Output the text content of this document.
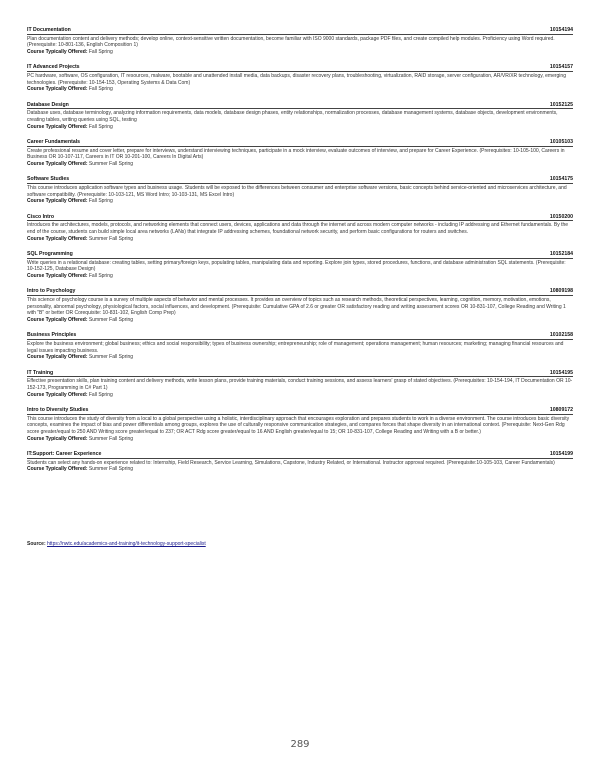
IT Documentation	10154194

Plan documentation content and delivery methods; develop online, context-sensitive written documentation, become familiar with ISO 9000 standards, package PDF files, and create compiled help modules. Proficiency using Word required. (Prerequisite: 10-801-136, English Composition 1)

Course Typically Offered: Fall Spring
IT Advanced Projects	10154157

PC hardware, software, OS configuration, IT resources, malware, bootable and unattended install media, data backups, disaster recovery plans, troubleshooting, virtualization, RAID storage, server configuration, AR/VR/XR technology, emerging technologies. (Prerequisite: 10-154-153, Operating Systems & Data Com)

Course Typically Offered: Fall Spring
Database Design	10152125

Database uses, database terminology, analyzing information requirements, data models, database design phases, entity relationships, normalization processes, database management systems, database objects, development environments, creating tables, writing queries using SQL, testing

Course Typically Offered: Fall Spring
Career Fundamentals	10105103

Create professional resume and cover letter, prepare for interviews, understand interviewing techniques, participate in a mock interview, evaluate outcomes of interview, and prepare for Career Experience. (Prerequisites: 10-105-100, Careers in Business OR 10-107-117, Careers in IT OR 10-201-100, Careers In Digital Arts)

Course Typically Offered: Summer Fall Spring
Software Studies	10154175

This course introduces application software types and business usage. Students will be exposed to the differences between consumer and enterprise software versions, basic concepts behind service-oriented and microservices architecture, and software compatibility. (Prerequisite: 10-103-121, MS Word Intro; 10-103-131, MS Excel Intro)

Course Typically Offered: Fall Spring
Cisco Intro	10150200

Introduces the architectures, models, protocols, and networking elements that connect users, devices, applications and data through the internet and across modern computer networks - including IP addressing and Ethernet fundamentals. By the end of the course, students can build simple local area networks (LANs) that integrate IP addressing schemes, foundational network security, and perform basic configurations for routers and switches.

Course Typically Offered: Summer Fall Spring
SQL Programming	10152184

Write queries in a relational database: creating tables, setting primary/foreign keys, populating tables, manipulating data and reporting. Explore join types, stored procedures, functions, and database administration SQL statements. (Prerequisite: 10-152-125, Database Design)

Course Typically Offered: Fall Spring
Intro to Psychology	10809198

This science of psychology course is a survey of multiple aspects of behavior and mental processes. It provides an overview of topics such as research methods, theoretical perspectives, learning, cognition, memory, motivation, emotions, personality, abnormal psychology, physiological factors, social influences, and development. (Prerequisite: Cumulative GPA of 2.6 or greater OR satisfactory reading and writing assessment scores OR 10-831-107, College Reading and Writing 1 with "B" or better OR Corequisite: 10-831-102, English Comp Prep)

Course Typically Offered: Summer Fall Spring
Business Principles	10102158

Explore the business environment; global business; ethics and social responsibility; types of business ownership; entrepreneurship; role of management; operations management; human resources; marketing; managing financial resources and legal issues impacting business.

Course Typically Offered: Summer Fall Spring
IT Training	10154195

Effective presentation skills, plan training content and delivery methods, write lesson plans, provide training materials, conduct training sessions, and assess learners' grasp of stated objectives. (Prerequisites: 10-154-194, IT Documentation OR 10-152-173, Programming in C# Part 1)

Course Typically Offered: Fall Spring
Intro to Diversity Studies	10809172

This course introduces the study of diversity from a local to a global perspective using a holistic, interdisciplinary approach that encourages exploration and prepares students to work in a diverse environment. The course introduces basic diversity concepts, examines the impact of bias and power differentials among groups, explores the use of culturally responsive communication strategies, and compares forces that shape diversity in an international context. (Prerequisite: Next-Gen Rdg score greater/equal to 250 AND Writing score greater/equal to 237; OR ACT Rdg score greater/equal to 16 AND English greater/equal to 15; OR 10-831-107, College Reading and Writing with a B or better.)

Course Typically Offered: Summer Fall Spring
IT:Support: Career Experience	10154199

Students can select any hands-on experience related to: Internship, Field Research, Service Learning, Simulations, Capstone, Industry Related, or International. Instructor approval required. (Prerequisite:10-105-103, Career Fundamentals)

Course Typically Offered: Summer Fall Spring
Source: https://nwtc.edu/academics-and-training/it-technology-support-specialist
289
